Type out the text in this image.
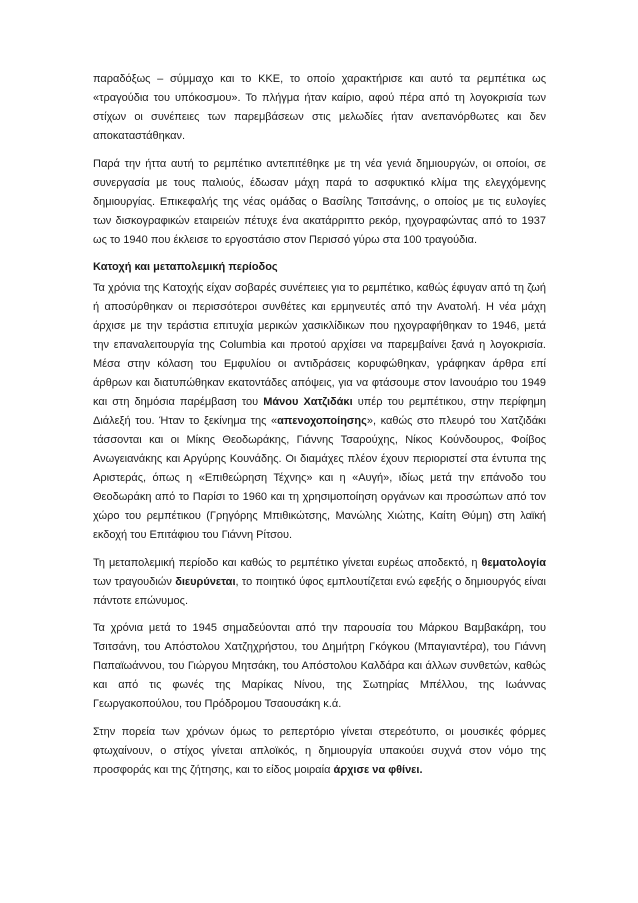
παραδόξως – σύμμαχο και το ΚΚΕ, το οποίο χαρακτήρισε και αυτό τα ρεμπέτικα ως «τραγούδια του υπόκοσμου». Το πλήγμα ήταν καίριο, αφού πέρα από τη λογοκρισία των στίχων οι συνέπειες των παρεμβάσεων στις μελωδίες ήταν ανεπανόρθωτες και δεν αποκαταστάθηκαν.

Παρά την ήττα αυτή το ρεμπέτικο αντεπιτέθηκε με τη νέα γενιά δημιουργών, οι οποίοι, σε συνεργασία με τους παλιούς, έδωσαν μάχη παρά το ασφυκτικό κλίμα της ελεγχόμενης δημιουργίας. Επικεφαλής της νέας ομάδας ο Βασίλης Τσιτσάνης, ο οποίος με τις ευλογίες των δισκογραφικών εταιρειών πέτυχε ένα ακατάρριπτο ρεκόρ, ηχογραφώντας από το 1937 ως το 1940 που έκλεισε το εργοστάσιο στον Περισσό γύρω στα 100 τραγούδια.

Κατοχή και μεταπολεμική περίοδος

Τα χρόνια της Κατοχής είχαν σοβαρές συνέπειες για το ρεμπέτικο, καθώς έφυγαν από τη ζωή ή αποσύρθηκαν οι περισσότεροι συνθέτες και ερμηνευτές από την Ανατολή. Η νέα μάχη άρχισε με την τεράστια επιτυχία μερικών χασικλίδικων που ηχογραφήθηκαν το 1946, μετά την επαναλειτουργία της Columbia και προτού αρχίσει να παρεμβαίνει ξανά η λογοκρισία. Μέσα στην κόλαση του Εμφυλίου οι αντιδράσεις κορυφώθηκαν, γράφηκαν άρθρα επί άρθρων και διατυπώθηκαν εκατοντάδες απόψεις, για να φτάσουμε στον Ιανουάριο του 1949 και στη δημόσια παρέμβαση του Μάνου Χατζιδάκι υπέρ του ρεμπέτικου, στην περίφημη Διάλεξή του. Ήταν το ξεκίνημα της «απενοχοποίησης», καθώς στο πλευρό του Χατζιδάκι τάσσονται και οι Μίκης Θεοδωράκης, Γιάννης Τσαρούχης, Νίκος Κούνδουρος, Φοίβος Ανωγειανάκης και Αργύρης Κουνάδης. Οι διαμάχες πλέον έχουν περιοριστεί στα έντυπα της Αριστεράς, όπως η «Επιθεώρηση Τέχνης» και η «Αυγή», ιδίως μετά την επάνοδο του Θεοδωράκη από το Παρίσι το 1960 και τη χρησιμοποίηση οργάνων και προσώπων από τον χώρο του ρεμπέτικου (Γρηγόρης Μπιθικώτσης, Μανώλης Χιώτης, Καίτη Θύμη) στη λαϊκή εκδοχή του Επιτάφιου του Γιάννη Ρίτσου.

Τη μεταπολεμική περίοδο και καθώς το ρεμπέτικο γίνεται ευρέως αποδεκτό, η θεματολογία των τραγουδιών διευρύνεται, το ποιητικό ύφος εμπλουτίζεται ενώ εφεξής ο δημιουργός είναι πάντοτε επώνυμος.

Τα χρόνια μετά το 1945 σημαδεύονται από την παρουσία του Μάρκου Βαμβακάρη, του Τσιτσάνη, του Απόστολου Χατζηχρήστου, του Δημήτρη Γκόγκου (Μπαγιαντέρα), του Γιάννη Παπαϊωάννου, του Γιώργου Μητσάκη, του Απόστολου Καλδάρα και άλλων συνθετών, καθώς και από τις φωνές της Μαρίκας Νίνου, της Σωτηρίας Μπέλλου, της Ιωάννας Γεωργακοπούλου, του Πρόδρομου Τσαουσάκη κ.ά.

Στην πορεία των χρόνων όμως το ρεπερτόριο γίνεται στερεότυπο, οι μουσικές φόρμες φτωχαίνουν, ο στίχος γίνεται απλοϊκός, η δημιουργία υπακούει συχνά στον νόμο της προσφοράς και της ζήτησης, και το είδος μοιραία άρχισε να φθίνει.
